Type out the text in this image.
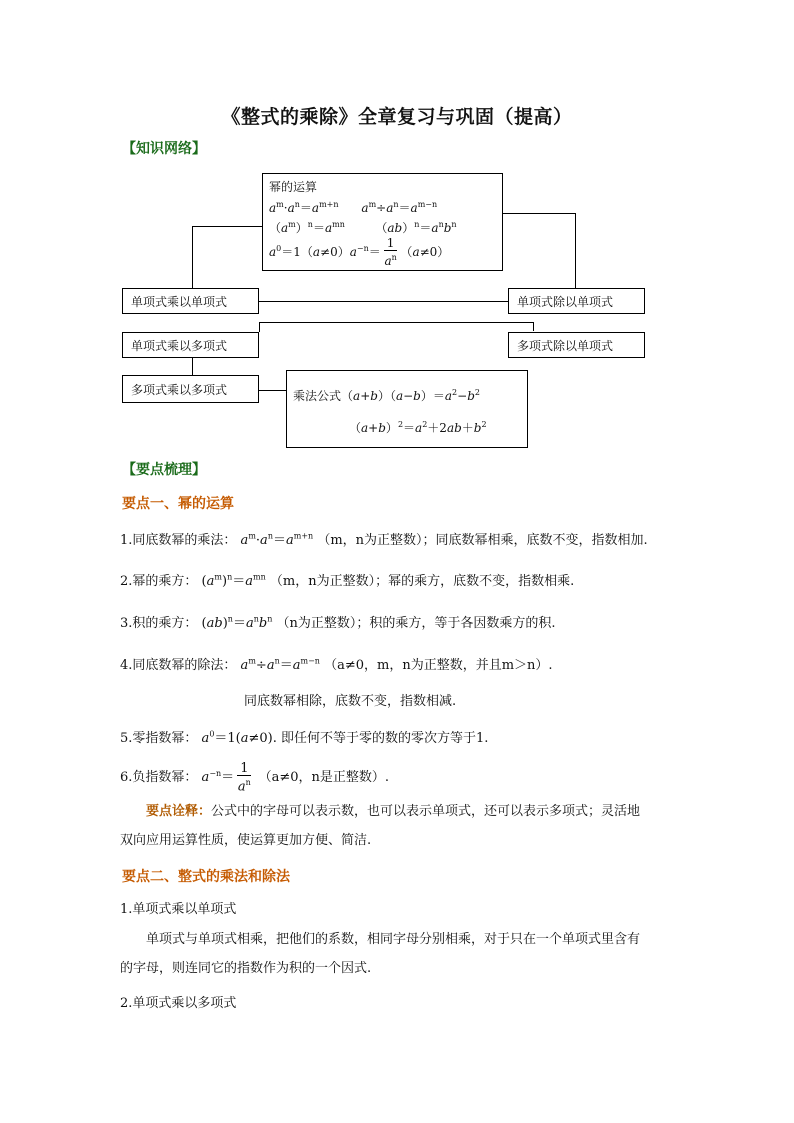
《整式的乘除》全章复习与巩固（提高）
【知识网络】
幂的运算
$a^m\cdot a^n=a^{m+n}$ $a^m\div a^n=a^{m-n}$
$(a^m)^n=a^{mn}$        $(ab)^n=a^nb^n$
$a^0=1(a\ne 0)a^{-n}= \frac{1}{a^n} (a\ne 0)$
单项式乘以单项式	单项式除以单项式
单项式乘以多项式	多项式除以单项式
多项式乘以多项式	乘法公式$(a+b)(a-b)=a^2-b^2$
$(a+b)^2=a^2+2ab+b^2$
【要点梳理】
要点一、幂的运算
1.同底数幂的乘法： $a^m\cdot a^n=a^{m+n}$ （m，n为正整数）；同底数幂相乘，底数不变，指数相加.
2.幂的乘方： $(a^m)^n=a^{mn}$ （m，n为正整数）；幂的乘方，底数不变，指数相乘.
3.积的乘方： $(ab)^n=a^nb^n$ （n为正整数）；积的乘方，等于各因数乘方的积.
4.同底数幂的除法： $a^m\div a^n=a^{m-n}$ （a≠0，m，n为正整数，并且m＞n）.
同底数幂相除，底数不变，指数相减.
5.零指数幂： $a^0=1(a\ne 0)$. 即任何不等于零的数的零次方等于1.
6.负指数幂： $a^{-n}= \frac{1}{a^n} (a\ne 0$，n是正整数）.
要点诠释：公式中的字母可以表示数，也可以表示单项式，还可以表示多项式；灵活地
双向应用运算性质，使运算更加方便、简洁.
要点二、整式的乘法和除法
1.单项式乘以单项式
单项式与单项式相乘，把他们的系数，相同字母分别相乘，对于只在一个单项式里含有
的字母，则连同它的指数作为积的一个因式.
2.单项式乘以多项式
